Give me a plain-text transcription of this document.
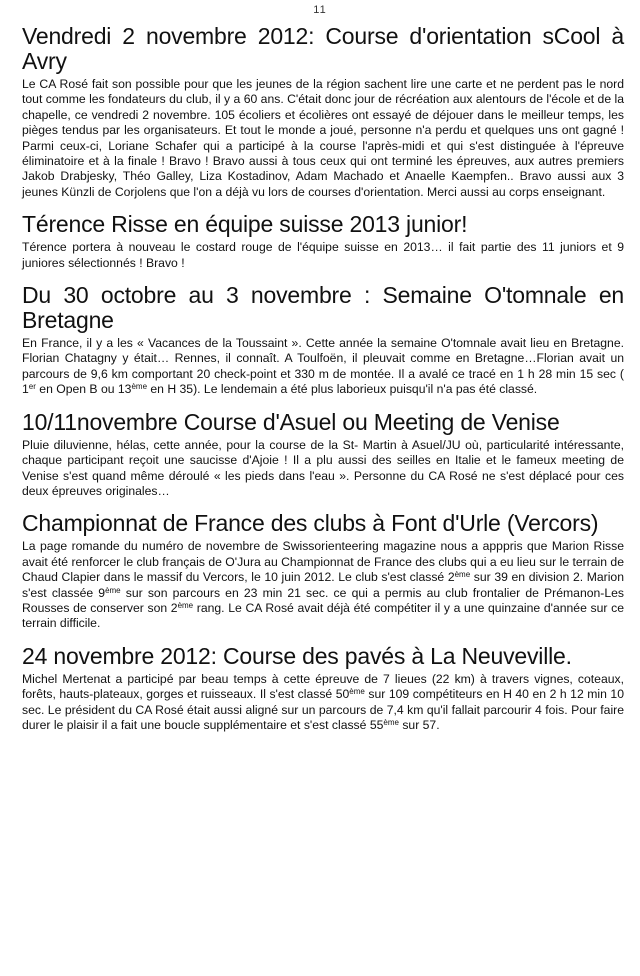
11
Vendredi 2 novembre 2012: Course d'orientation sCool à Avry

Le CA Rosé fait son possible pour que les jeunes de la région sachent lire une carte et ne perdent pas le nord tout comme les fondateurs du club, il y a 60 ans. C'était donc jour de récréation aux alentours de l'école et de la chapelle, ce vendredi 2 novembre. 105 écoliers et écolières ont essayé de déjouer dans le meilleur temps, les pièges tendus par les organisateurs. Et tout le monde a joué, personne n'a perdu et quelques uns ont gagné ! Parmi ceux-ci, Loriane Schafer qui a participé à la course l'après-midi et qui s'est distinguée à l'épreuve éliminatoire et à la finale ! Bravo ! Bravo aussi à tous ceux qui ont terminé les épreuves, aux autres premiers Jakob Drabjesky, Théo Galley, Liza Kostadinov, Adam Machado et Anaelle Kaempfen.. Bravo aussi aux 3 jeunes Künzli de Corjolens que l'on a déjà vu lors de courses d'orientation. Merci aussi au corps enseignant.

Térence Risse en équipe suisse 2013 junior!

Térence portera à nouveau le costard rouge de l'équipe suisse en 2013… il fait partie des 11 juniors et 9 juniores sélectionnés ! Bravo !

Du 30 octobre au 3 novembre : Semaine O'tomnale en Bretagne

En France, il y a les « Vacances de la Toussaint ». Cette année la semaine O'tomnale avait lieu en Bretagne. Florian Chatagny y était… Rennes, il connaît. A Toulfoën, il pleuvait comme en Bretagne…Florian avait un parcours de 9,6 km comportant 20 check-point et 330 m de montée. Il a avalé ce tracé en 1 h 28 min 15 sec ( 1er en Open B ou 13ème en H 35). Le lendemain a été plus laborieux puisqu'il n'a pas été classé.

10/11novembre Course d'Asuel ou Meeting de Venise

Pluie diluvienne, hélas, cette année, pour la course de la St- Martin à Asuel/JU où, particularité intéressante, chaque participant reçoit une saucisse d'Ajoie ! Il a plu aussi des seilles en Italie et le fameux meeting de Venise s'est quand même déroulé « les pieds dans l'eau ». Personne du CA Rosé ne s'est déplacé pour ces deux épreuves originales…

Championnat de France des clubs à Font d'Urle (Vercors)

La page romande du numéro de novembre de Swissorienteering magazine nous a apppris que Marion Risse avait été renforcer le club français de O'Jura au Championnat de France des clubs qui a eu lieu sur le terrain de Chaud Clapier dans le massif du Vercors, le 10 juin 2012. Le club s'est classé 2ème sur 39 en division 2. Marion s'est classée 9ème sur son parcours en 23 min 21 sec. ce qui a permis au club frontalier de Prémanon-Les Rousses de conserver son 2ème rang. Le CA Rosé avait déjà été compétiter il y a une quinzaine d'année sur ce terrain difficile.

24 novembre 2012: Course des pavés à La Neuveville.

Michel Mertenat a participé par beau temps à cette épreuve de 7 lieues (22 km) à travers vignes, coteaux, forêts, hauts-plateaux, gorges et ruisseaux. Il s'est classé 50ème sur 109 compétiteurs en H 40 en 2 h 12 min 10 sec. Le président du CA Rosé était aussi aligné sur un parcours de 7,4 km qu'il fallait parcourir 4 fois. Pour faire durer le plaisir il a fait une boucle supplémentaire et s'est classé 55ème sur 57.
